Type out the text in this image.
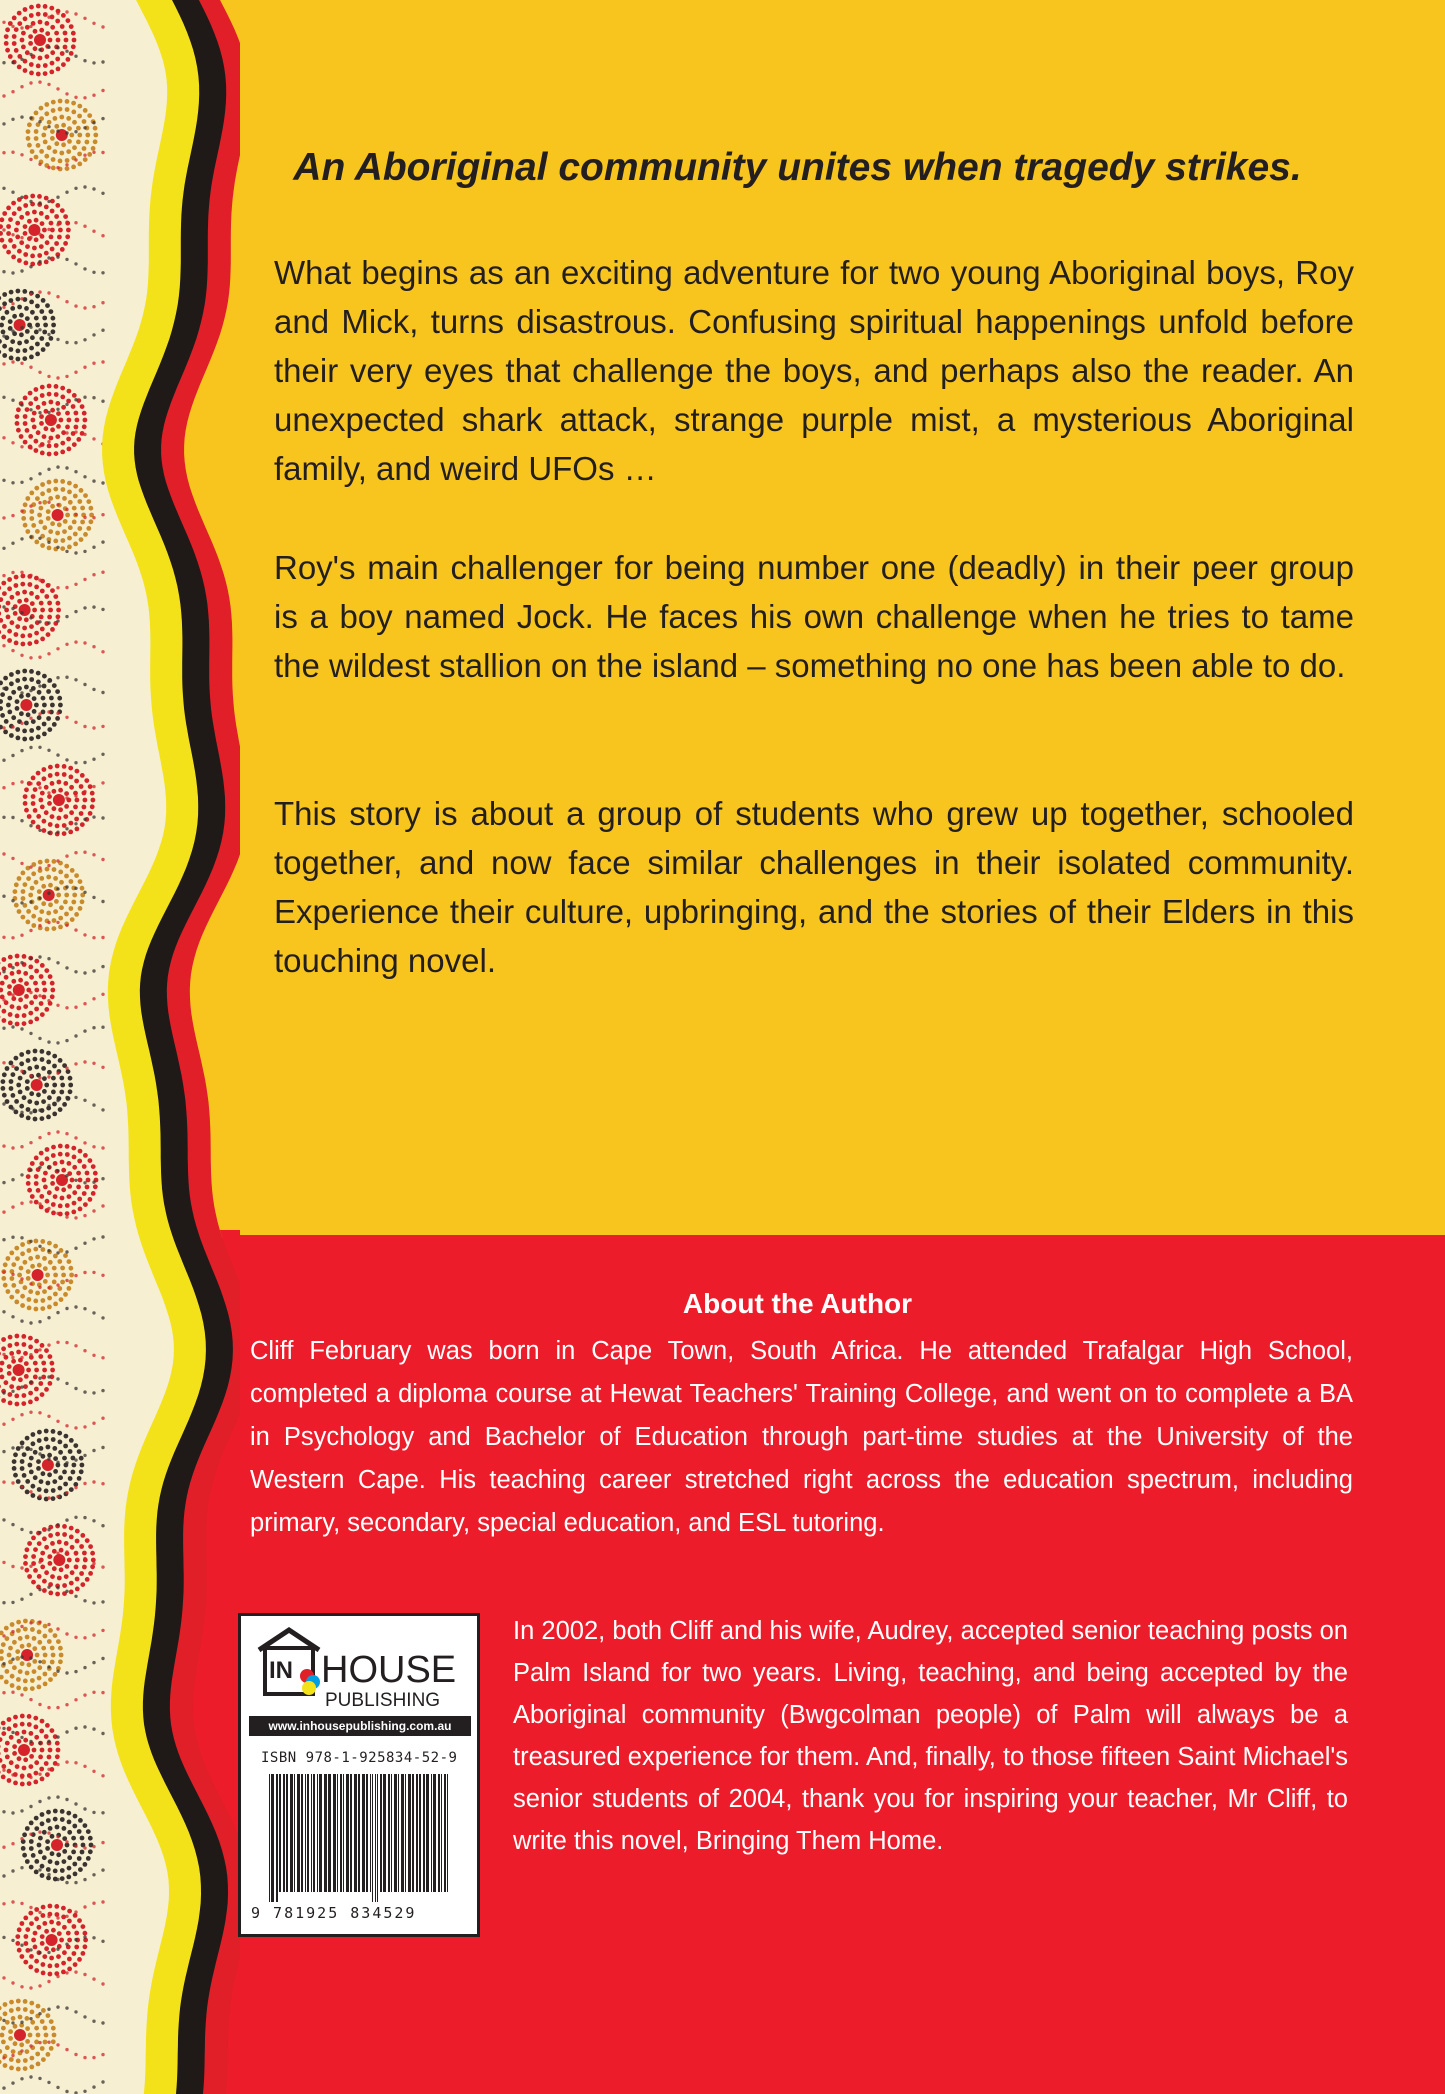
An Aboriginal community unites when tragedy strikes.

What begins as an exciting adventure for two young Aboriginal boys, Roy and Mick, turns disastrous. Confusing spiritual happenings unfold before their very eyes that challenge the boys, and perhaps also the reader. An unexpected shark attack, strange purple mist, a mysterious Aboriginal family, and weird UFOs …

Roy's main challenger for being number one (deadly) in their peer group is a boy named Jock. He faces his own challenge when he tries to tame the wildest stallion on the island – something no one has been able to do.

This story is about a group of students who grew up together, schooled together, and now face similar challenges in their isolated community. Experience their culture, upbringing, and the stories of their Elders in this touching novel.

About the Author

Cliff February was born in Cape Town, South Africa. He attended Trafalgar High School, completed a diploma course at Hewat Teachers' Training College, and went on to complete a BA in Psychology and Bachelor of Education through part-time studies at the University of the Western Cape. His teaching career stretched right across the education spectrum, including primary, secondary, special education, and ESL tutoring.

In 2002, both Cliff and his wife, Audrey, accepted senior teaching posts on Palm Island for two years. Living, teaching, and being accepted by the Aboriginal community (Bwgcolman people) of Palm will always be a treasured experience for them. And, finally, to those fifteen Saint Michael's senior students of 2004, thank you for inspiring your teacher, Mr Cliff, to write this novel, Bringing Them Home.

IN HOUSE
PUBLISHING
www.inhousepublishing.com.au
ISBN 978-1-925834-52-9
9 781925 834529
